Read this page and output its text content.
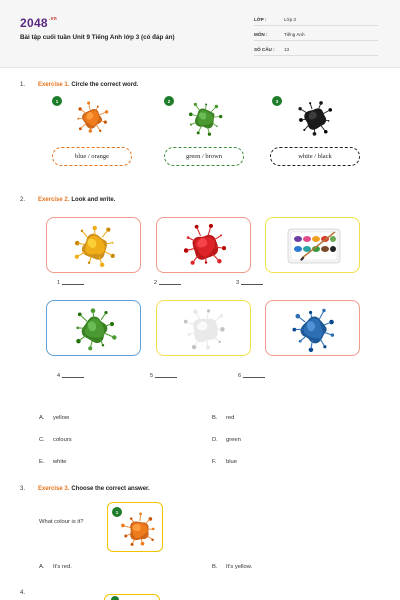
$2048^{.vn}$
Bài tập cuối tuần Unit 9 Tiếng Anh lớp 3 (có đáp án)
LỚP :	Lớp 3
MÔN :	Tiếng Anh
SỐ CÂU : 13
1. Exercise 1. Circle the correct word.
1
blue / orange
2
green / brown
3
white / black
2. Exercise 2. Look and write.
1	2	3
4	5	6
A. yellow	B. red
C. colours	D. green
E. white	F. blue
3. Exercise 3. Choose the correct answer.
What colour is it?
1
A. It's red.	B. It's yellow.
4.
